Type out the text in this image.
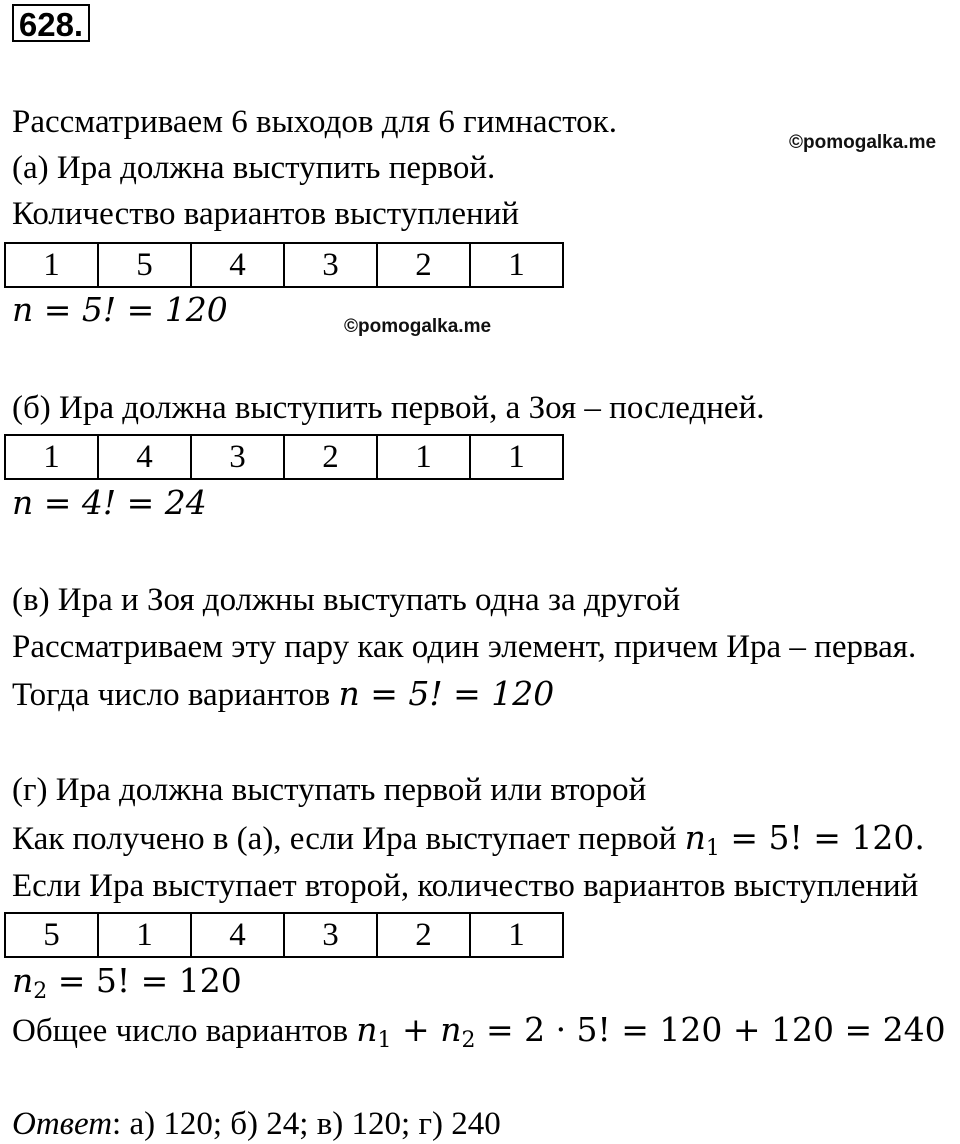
628.
Рассматриваем 6 выходов для 6 гимнасток.
©pomogalka.me
(а) Ира должна выступить первой.
Количество вариантов выступлений
1	5	4	3	2	1
n = 5! = 120	©pomogalka.me
(б) Ира должна выступить первой, а Зоя – последней.
1	4	3	2	1	1
n = 4! = 24
(в) Ира и Зоя должны выступать одна за другой
Рассматриваем эту пару как один элемент, причем Ира – первая.
Тогда число вариантов n = 5! = 120
(г) Ира должна выступать первой или второй
Как получено в (а), если Ира выступает первой $n_1 = 5$! = 120.
Если Ира выступает второй, количество вариантов выступлений
5	1	4	3	2	1
$n_2 = 5$! = 120
Общее число вариантов $n_1 + n_2 = 2 \cdot 5$! = 120 + 120 = 240
Ответ: а) 120; б) 24; в) 120; г) 240
